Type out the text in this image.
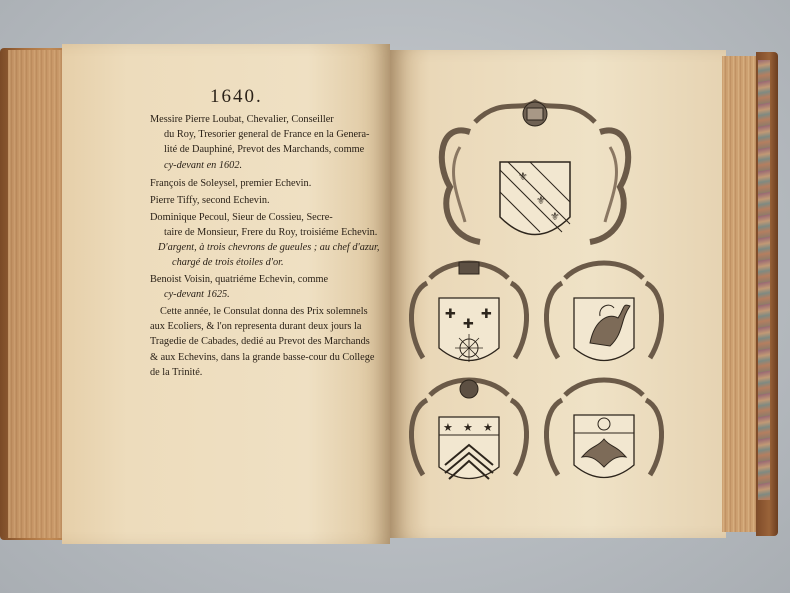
1640.
Messire Pierre Loubat, Chevalier, Conseiller
du Roy, Tresorier general de France en la Genera-
lité de Dauphiné, Prevot des Marchands, comme
cy-devant en 1602.
François de Soleysel, premier Echevin.
Pierre Tiffy, second Echevin.
Dominique Pecoul, Sieur de Cossieu, Secre-
taire de Monsieur, Frere du Roy, troisiéme Echevin.
D'argent, à trois chevrons de gueules ; au chef d'azur,
chargé de trois étoiles d'or.
Benoist Voisin, quatriéme Echevin, comme
cy-devant 1625.
Cette année, le Consulat donna des Prix solemnels
aux Ecoliers, & l'on representa durant deux jours la
Tragedie de Cabades, dedié au Prevot des Marchands
& aux Echevins, dans la grande basse-cour du College
de la Trinité.
⚜
⚜
⚜
✚
✚
✚
★ ★ ★
